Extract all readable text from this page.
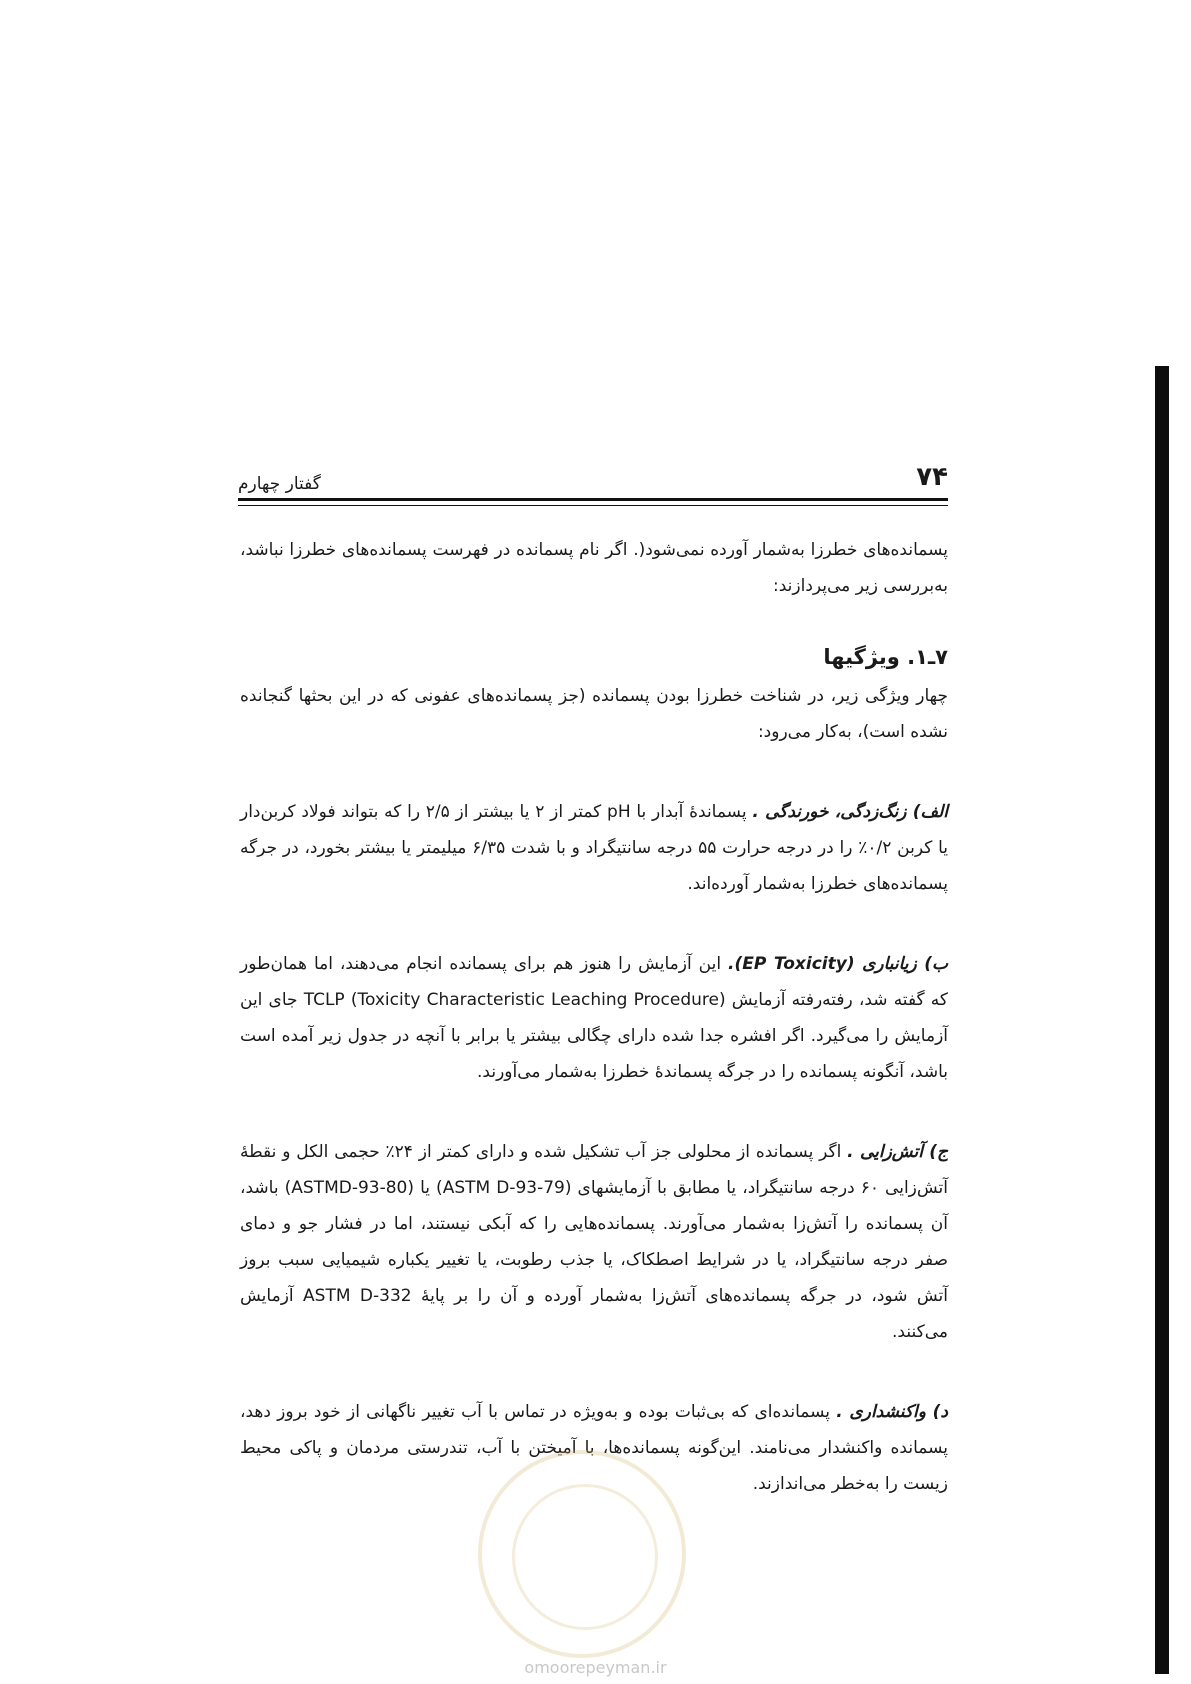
۷۴
گفتار چهارم

پسمانده‌های خطرزا به‌شمار آورده نمی‌شود(. اگر نام پسمانده در فهرست پسمانده‌های خطرزا نباشد، به‌بررسی زیر می‌پردازند:

۷ـ۱. ویژگیها

چهار ویژگی زیر، در شناخت خطرزا بودن پسمانده (جز پسمانده‌های عفونی که در این بحثها گنجانده نشده است)، به‌کار می‌رود:

الف) زنگ‌زدگی، خورندگی . پسماندهٔ آبدار با pH کمتر از ۲ یا بیشتر از ۲/۵ را که بتواند فولاد کربن‌دار یا کربن ۰/۲٪ را در درجه حرارت ۵۵ درجه سانتیگراد و با شدت ۶/۳۵ میلیمتر یا بیشتر بخورد، در جرگه پسمانده‌های خطرزا به‌شمار آورده‌اند.

ب) زیانباری (EP Toxicity). این آزمایش را هنوز هم برای پسمانده انجام می‌دهند، اما همان‌طور که گفته شد، رفته‌رفته آزمایش TCLP (Toxicity Characteristic Leaching Procedure) جای این آزمایش را می‌گیرد. اگر افشره جدا شده دارای چگالی بیشتر یا برابر با آنچه در جدول زیر آمده است باشد، آنگونه پسمانده را در جرگه پسماندهٔ خطرزا به‌شمار می‌آورند.

ج) آتش‌زایی . اگر پسمانده از محلولی جز آب تشکیل شده و دارای کمتر از ۲۴٪ حجمی الکل و نقطهٔ آتش‌زایی ۶۰ درجه سانتیگراد، یا مطابق با آزمایشهای (ASTM D-93-79) یا (ASTMD-93-80) باشد، آن پسمانده را آتش‌زا به‌شمار می‌آورند. پسمانده‌هایی را که آبکی نیستند، اما در فشار جو و دمای صفر درجه سانتیگراد، یا در شرایط اصطکاک، یا جذب رطوبت، یا تغییر یکباره شیمیایی سبب بروز آتش شود، در جرگه پسمانده‌های آتش‌زا به‌شمار آورده و آن را بر پایهٔ ASTM D-332 آزمایش می‌کنند.

د) واکنشداری . پسمانده‌ای که بی‌ثبات بوده و به‌ویژه در تماس با آب تغییر ناگهانی از خود بروز دهد، پسمانده واکنشدار می‌نامند. این‌گونه پسمانده‌ها، با آمیختن با آب، تندرستی مردمان و پاکی محیط زیست را به‌خطر می‌اندازند.

omoorepeyman.ir
